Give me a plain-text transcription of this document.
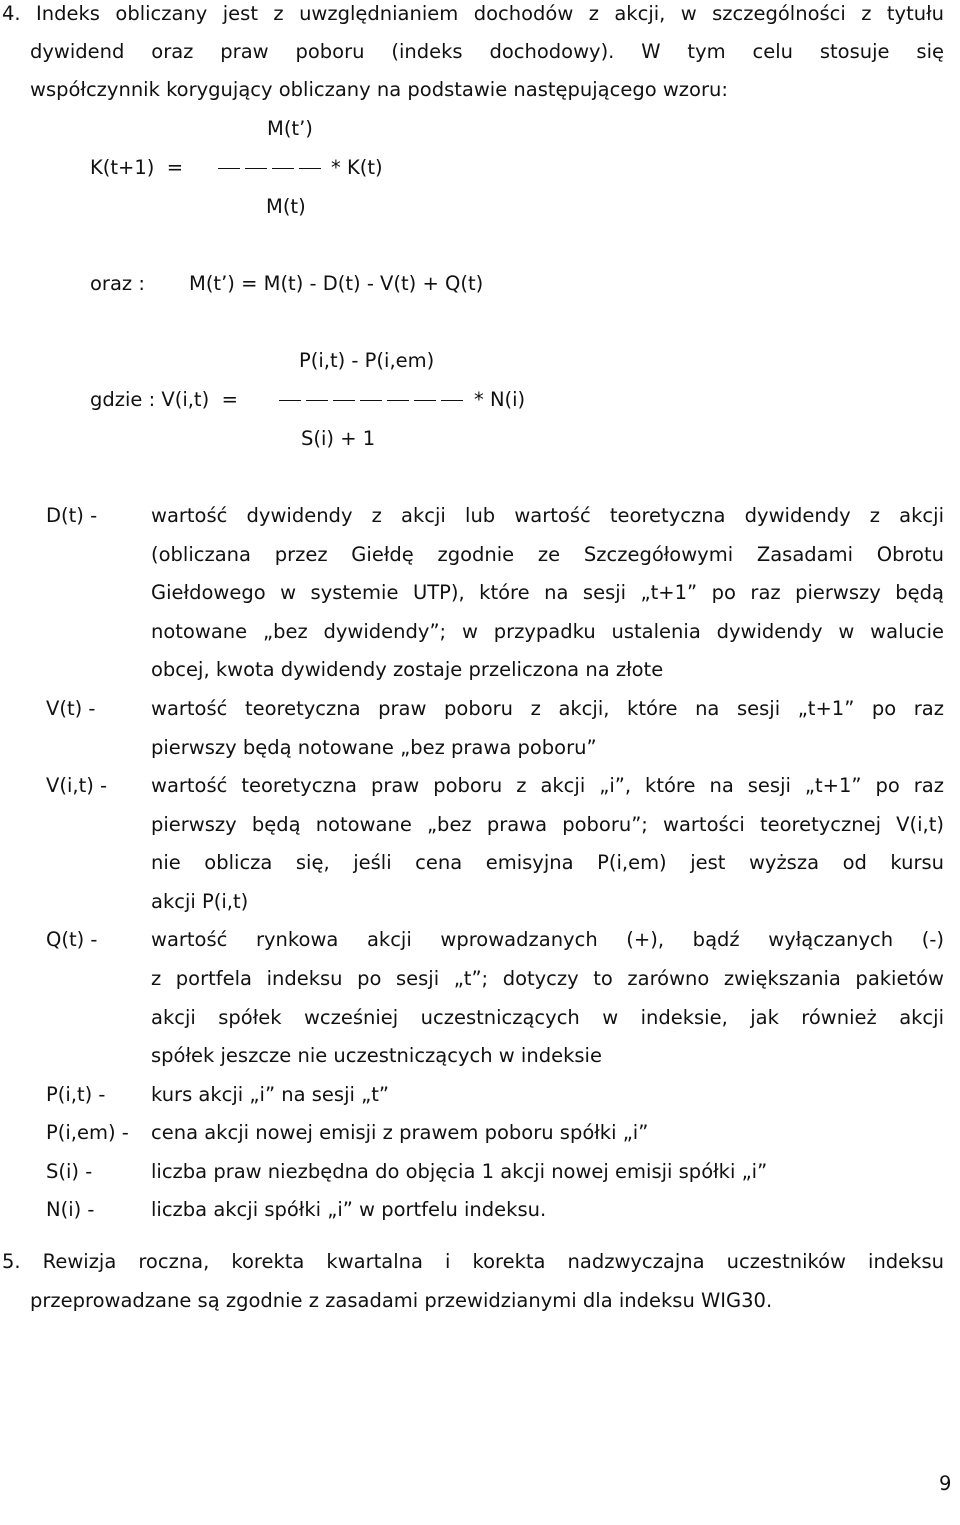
4. Indeks obliczany jest z uwzględnianiem dochodów z akcji, w szczególności z tytułu
dywidend oraz praw poboru (indeks dochodowy). W tym celu stosuje się
współczynnik korygujący obliczany na podstawie następującego wzoru:
M(t’)
K(t+1)  =	* K(t)
M(t)
oraz : M(t’) = M(t) - D(t) - V(t) + Q(t)
P(i,t) - P(i,em)
gdzie : V(i,t)  =	* N(i)
S(i) + 1
D(t) -	wartość dywidendy z akcji lub wartość teoretyczna dywidendy z akcji
(obliczana przez Giełdę zgodnie ze Szczegółowymi Zasadami Obrotu
Giełdowego w systemie UTP), które na sesji „t+1” po raz pierwszy będą
notowane „bez dywidendy”; w przypadku ustalenia dywidendy w walucie
obcej, kwota dywidendy zostaje przeliczona na złote
V(t) -	wartość teoretyczna praw poboru z akcji, które na sesji „t+1” po raz
pierwszy będą notowane „bez prawa poboru”
V(i,t) - wartość teoretyczna praw poboru z akcji „i”, które na sesji „t+1” po raz
pierwszy będą notowane „bez prawa poboru”; wartości teoretycznej V(i,t)
nie oblicza się, jeśli cena emisyjna P(i,em) jest wyższa od kursu
akcji P(i,t)
Q(t) -	wartość rynkowa akcji wprowadzanych (+), bądź wyłączanych (-)
z portfela indeksu po sesji „t”; dotyczy to zarówno zwiększania pakietów
akcji spółek wcześniej uczestniczących w indeksie, jak również akcji
spółek jeszcze nie uczestniczących w indeksie
P(i,t) - kurs akcji „i” na sesji „t”
P(i,em) - cena akcji nowej emisji z prawem poboru spółki „i”
S(i) -	liczba praw niezbędna do objęcia 1 akcji nowej emisji spółki „i”
N(i) -	liczba akcji spółki „i” w portfelu indeksu.
5. Rewizja roczna, korekta kwartalna i korekta nadzwyczajna uczestników indeksu
przeprowadzane są zgodnie z zasadami przewidzianymi dla indeksu WIG30.
9
